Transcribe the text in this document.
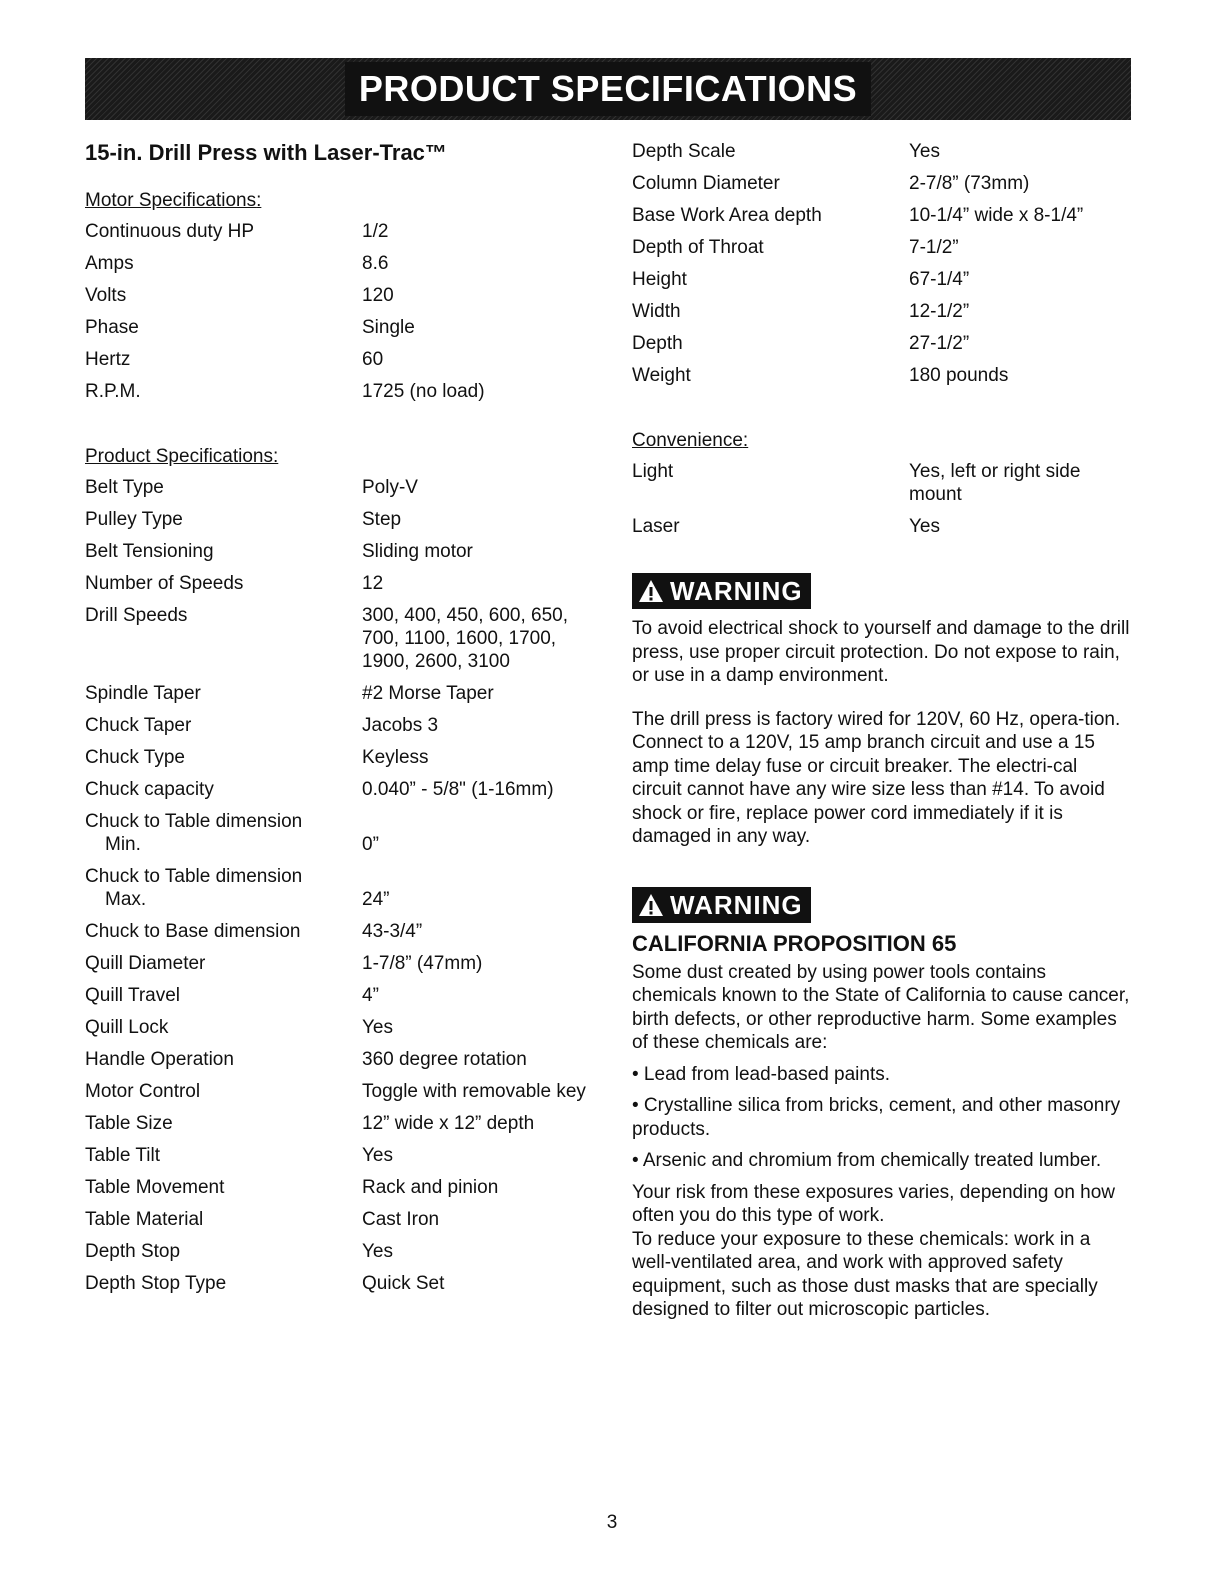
PRODUCT SPECIFICATIONS
15-in. Drill Press with Laser-Trac™
Motor Specifications:
Continuous duty HP	1/2
Amps	8.6
Volts	120
Phase	Single
Hertz	60
R.P.M.	1725 (no load)
Product Specifications:
Belt Type	Poly-V
Pulley Type	Step
Belt Tensioning	Sliding motor
Number of Speeds	12
Drill Speeds	300, 400, 450, 600, 650, 700, 1100, 1600, 1700, 1900, 2600, 3100
Spindle Taper	#2 Morse Taper
Chuck Taper	Jacobs 3
Chuck Type	Keyless
Chuck capacity	0.040” - 5/8" (1-16mm)
Chuck to Table dimension
Min.	0”

Chuck to Table dimension
Max.	24”

Chuck to Base dimension	43-3/4”
Quill Diameter	1-7/8” (47mm)
Quill Travel	4”
Quill Lock	Yes
Handle Operation	360 degree rotation
Motor Control	Toggle with removable key
Table Size	12” wide x 12” depth
Table Tilt	Yes
Table Movement	Rack and pinion
Table Material	Cast Iron
Depth Stop	Yes
Depth Stop Type	Quick Set
Depth Scale	Yes
Column Diameter	2-7/8” (73mm)
Base Work Area depth	10-1/4” wide x 8-1/4”
Depth of Throat	7-1/2”
Height	67-1/4”
Width	12-1/2”
Depth	27-1/2”
Weight	180 pounds
Convenience:
Light	Yes, left or right side mount
Laser	Yes
WARNING

To avoid electrical shock to yourself and damage to the drill press, use proper circuit protection. Do not expose to rain, or use in a damp environment.

The drill press is factory wired for 120V, 60 Hz, opera-tion. Connect to a 120V, 15 amp branch circuit and use a 15 amp time delay fuse or circuit breaker. The electri-cal circuit cannot have any wire size less than #14. To avoid shock or fire, replace power cord immediately if it is damaged in any way.

WARNING
CALIFORNIA PROPOSITION 65

Some dust created by using power tools contains chemicals known to the State of California to cause cancer, birth defects, or other reproductive harm. Some examples of these chemicals are:

• Lead from lead-based paints.

• Crystalline silica from bricks, cement, and other masonry products.

• Arsenic and chromium from chemically treated lumber.

Your risk from these exposures varies, depending on how often you do this type of work.

To reduce your exposure to these chemicals: work in a well-ventilated area, and work with approved safety equipment, such as those dust masks that are specially designed to filter out microscopic particles.

3
